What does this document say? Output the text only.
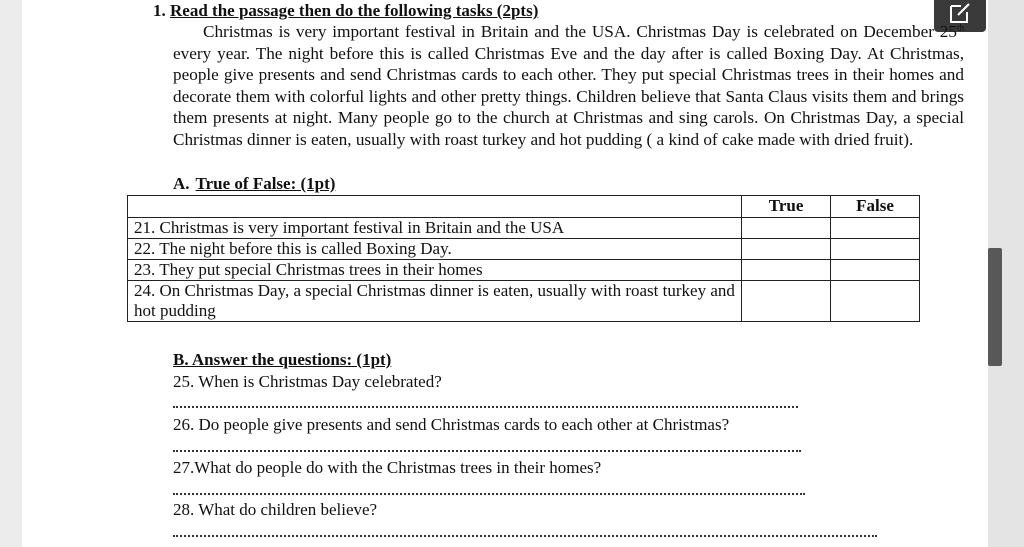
1. Read the passage then do the following tasks (2pts)

Christmas is very important festival in Britain and the USA. Christmas Day is celebrated on December 25th every year. The night before this is called Christmas Eve and the day after is called Boxing Day. At Christmas, people give presents and send Christmas cards to each other. They put special Christmas trees in their homes and decorate them with colorful lights and other pretty things. Children believe that Santa Claus visits them and brings them presents at night. Many people go to the church at Christmas and sing carols. On Christmas Day, a special Christmas dinner is eaten, usually with roast turkey and hot pudding ( a kind of cake made with dried fruit).

A. True of False: (1pt)
	True	False
21. Christmas is very important festival in Britain and the USA		
22. The night before this is called Boxing Day.		
23. They put special Christmas trees in their homes		
24. On Christmas Day, a special Christmas dinner is eaten, usually with roast turkey and hot pudding		
B. Answer the questions: (1pt)
25. When is Christmas Day celebrated?
26. Do people give presents and send Christmas cards to each other at Christmas?
27.What do people do with the Christmas trees in their homes?
28. What do children believe?
